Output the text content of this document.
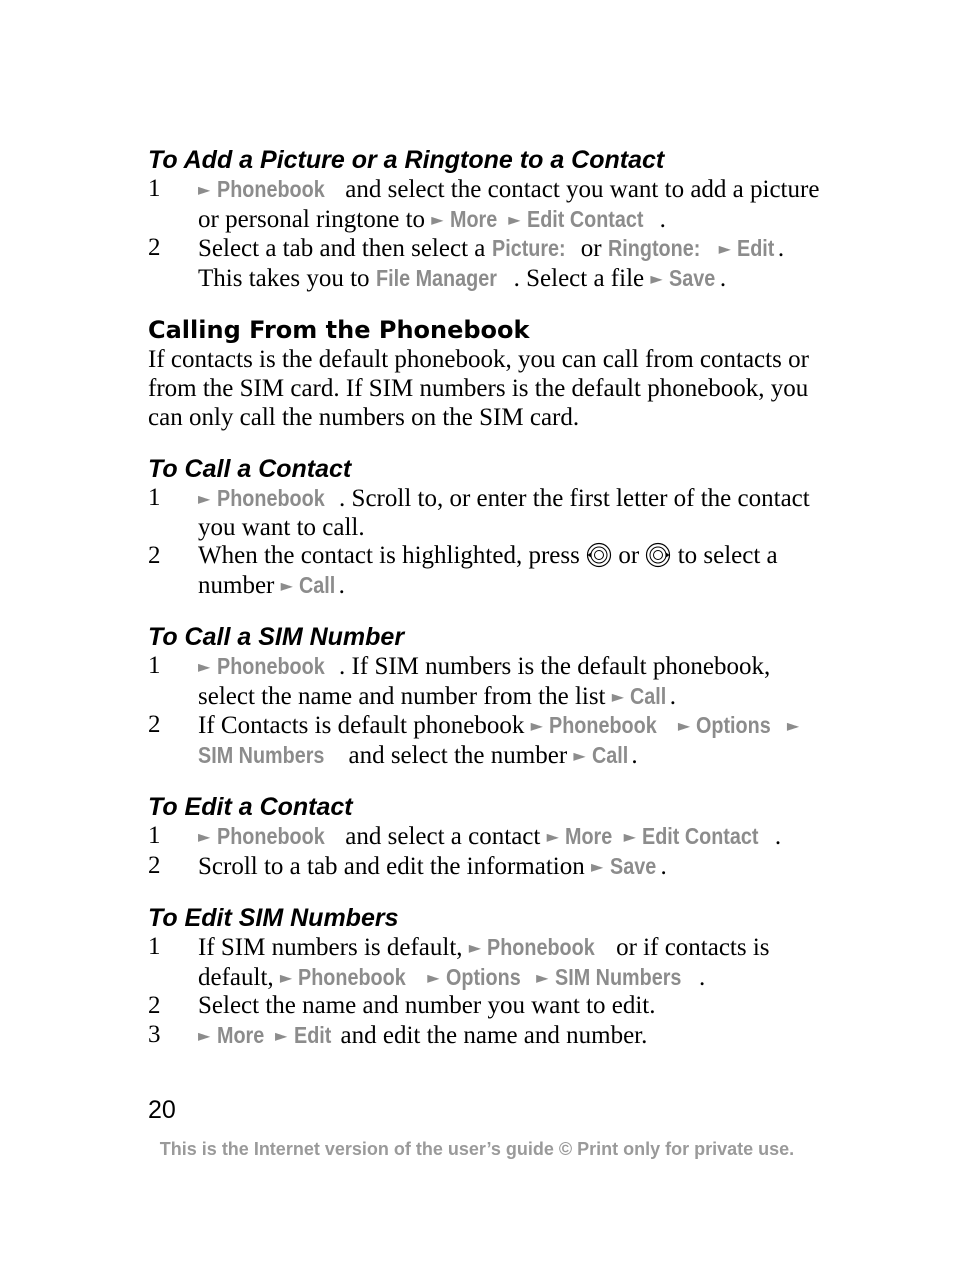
To Add a Picture or a Ringtone to a Contact
1	► Phonebook and select the contact you want to add a picture or personal ringtone to ► More ► Edit Contact .
2	Select a tab and then select a Picture: or Ringtone: ► Edit . This takes you to File Manager . Select a file ► Save .
Calling From the Phonebook

If contacts is the default phonebook, you can call from contacts or from the SIM card. If SIM numbers is the default phonebook, you can only call the numbers on the SIM card.

To Call a Contact
1	► Phonebook . Scroll to, or enter the first letter of the contact you want to call.
2	When the contact is highlighted, press  or  to select a number ► Call .
To Call a SIM Number
1	► Phonebook . If SIM numbers is the default phonebook, select the name and number from the list ► Call .
2	If Contacts is default phonebook ► Phonebook ► Options ► SIM Numbers and select the number ► Call .
To Edit a Contact
1	► Phonebook and select a contact ► More ► Edit Contact .
2	Scroll to a tab and edit the information ► Save .
To Edit SIM Numbers
1	If SIM numbers is default, ► Phonebook or if contacts is default, ► Phonebook ► Options ► SIM Numbers .
2	Select the name and number you want to edit.
3	► More ► Edit and edit the name and number.
20
This is the Internet version of the user’s guide © Print only for private use.
